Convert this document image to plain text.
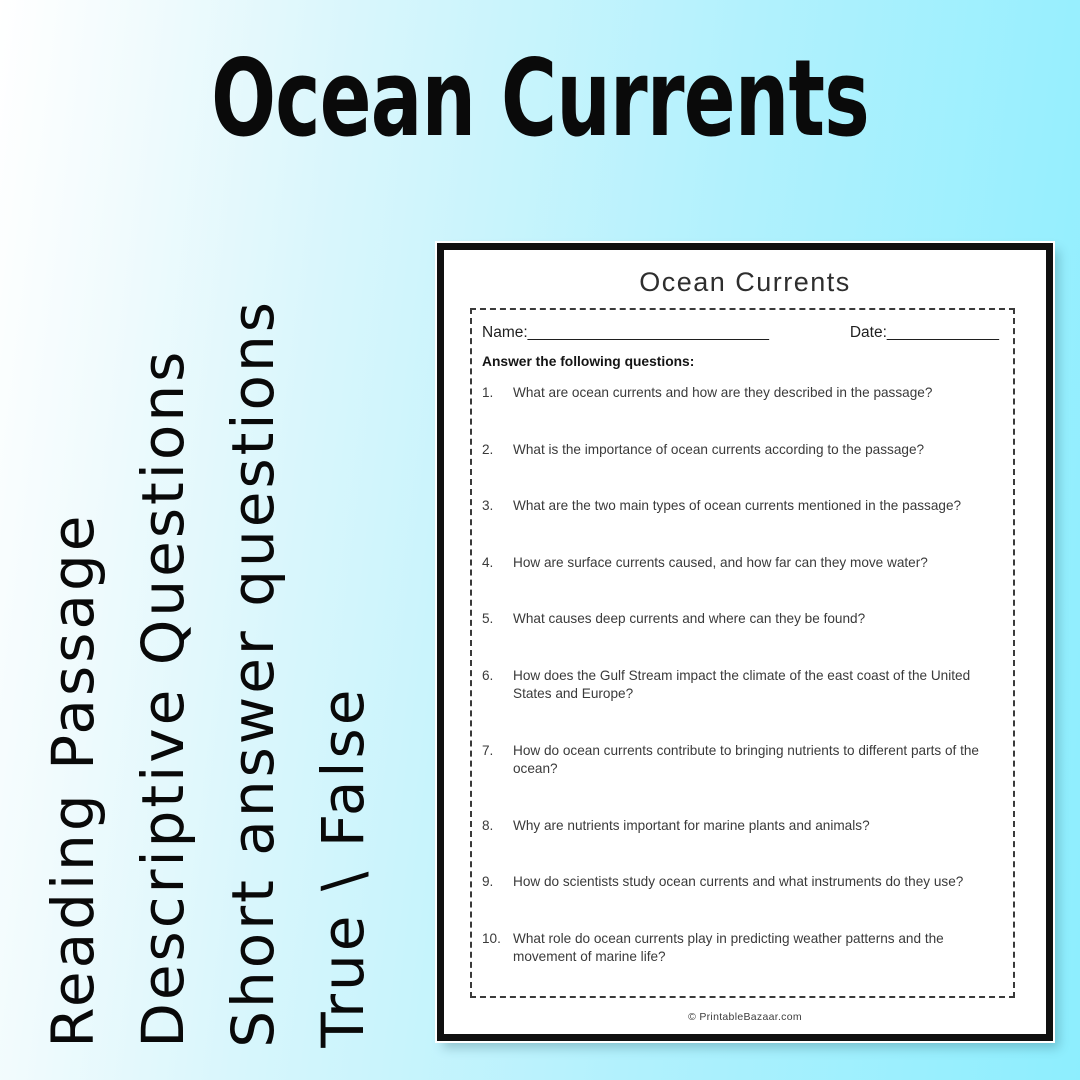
Ocean Currents
Reading Passage Descriptive Questions Short answer questions True \ False
Ocean Currents
Name: ____________________________	Date: _____________
Answer the following questions:
1.	What are ocean currents and how are they described in the passage?
2.	What is the importance of ocean currents according to the passage?
3.	What are the two main types of ocean currents mentioned in the passage?
4.	How are surface currents caused, and how far can they move water?
5.	What causes deep currents and where can they be found?
6.	How does the Gulf Stream impact the climate of the east coast of the United States and Europe?
7.	How do ocean currents contribute to bringing nutrients to different parts of the ocean?
8.	Why are nutrients important for marine plants and animals?
9.	How do scientists study ocean currents and what instruments do they use?
10. What role do ocean currents play in predicting weather patterns and the movement of marine life?
© PrintableBazaar.com
